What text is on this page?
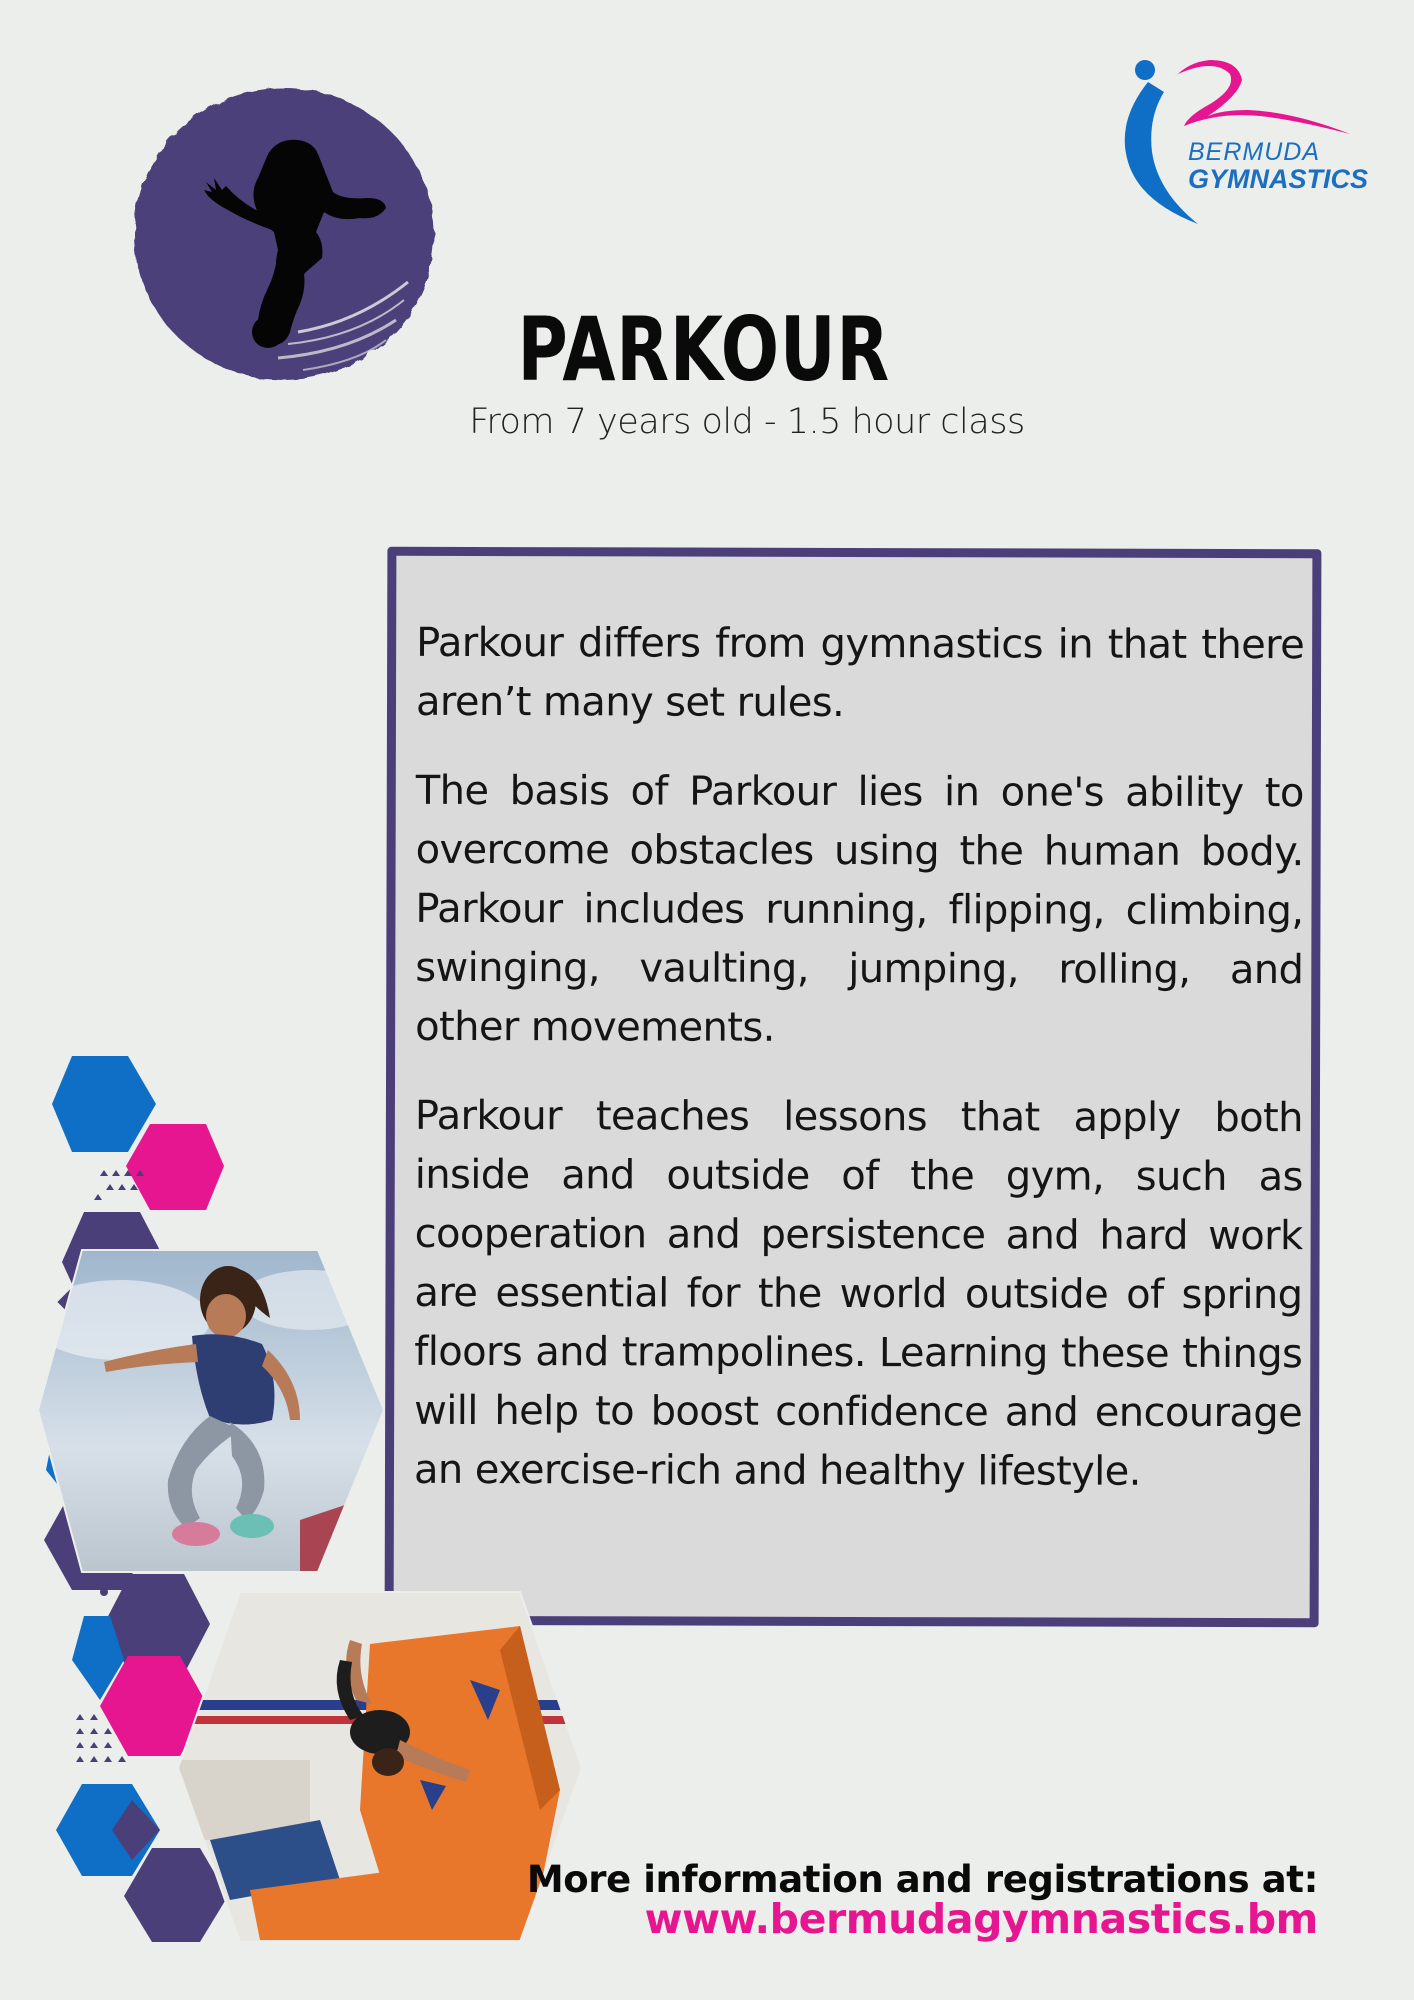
BERMUDA
GYMNASTICS
PARKOUR
From 7 years old - 1.5 hour class

Parkour differs from gymnastics in that there aren’t many set rules.

The basis of Parkour lies in one's ability to overcome obstacles using the human body. Parkour includes running, flipping, climbing, swinging, vaulting, jumping, rolling, and other movements.

Parkour teaches lessons that apply both inside and outside of the gym, such as cooperation and persistence and hard work are essential for the world outside of spring floors and trampolines. Learning these things will help to boost confidence and encourage an exercise-rich and healthy lifestyle.

More information and registrations at:
www.bermudagymnastics.bm
